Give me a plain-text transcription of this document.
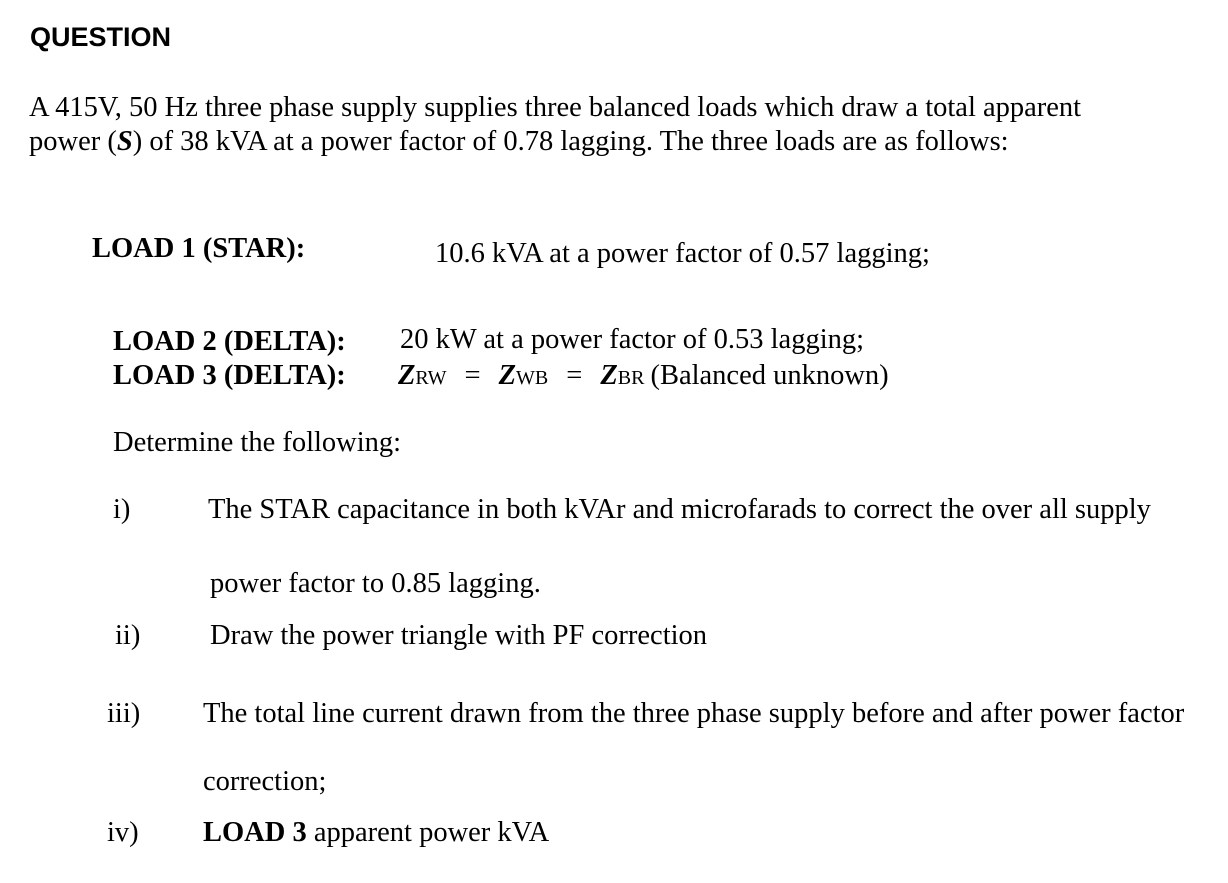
QUESTION
A 415V, 50 Hz three phase supply supplies three balanced loads which draw a total apparent
power (S) of 38 kVA at a power factor of 0.78 lagging. The three loads are as follows:
LOAD 1 (STAR):	10.6 kVA at a power factor of 0.57 lagging;
LOAD 2 (DELTA): 20 kW at a power factor of 0.53 lagging;
LOAD 3 (DELTA): ZRW = ZWB = ZBR (Balanced unknown)
Determine the following:
i)	The STAR capacitance in both kVAr and microfarads to correct the over all supply
power factor to 0.85 lagging.
ii) Draw the power triangle with PF correction
iii) The total line current drawn from the three phase supply before and after power factor
correction;
iv) LOAD 3 apparent power kVA
